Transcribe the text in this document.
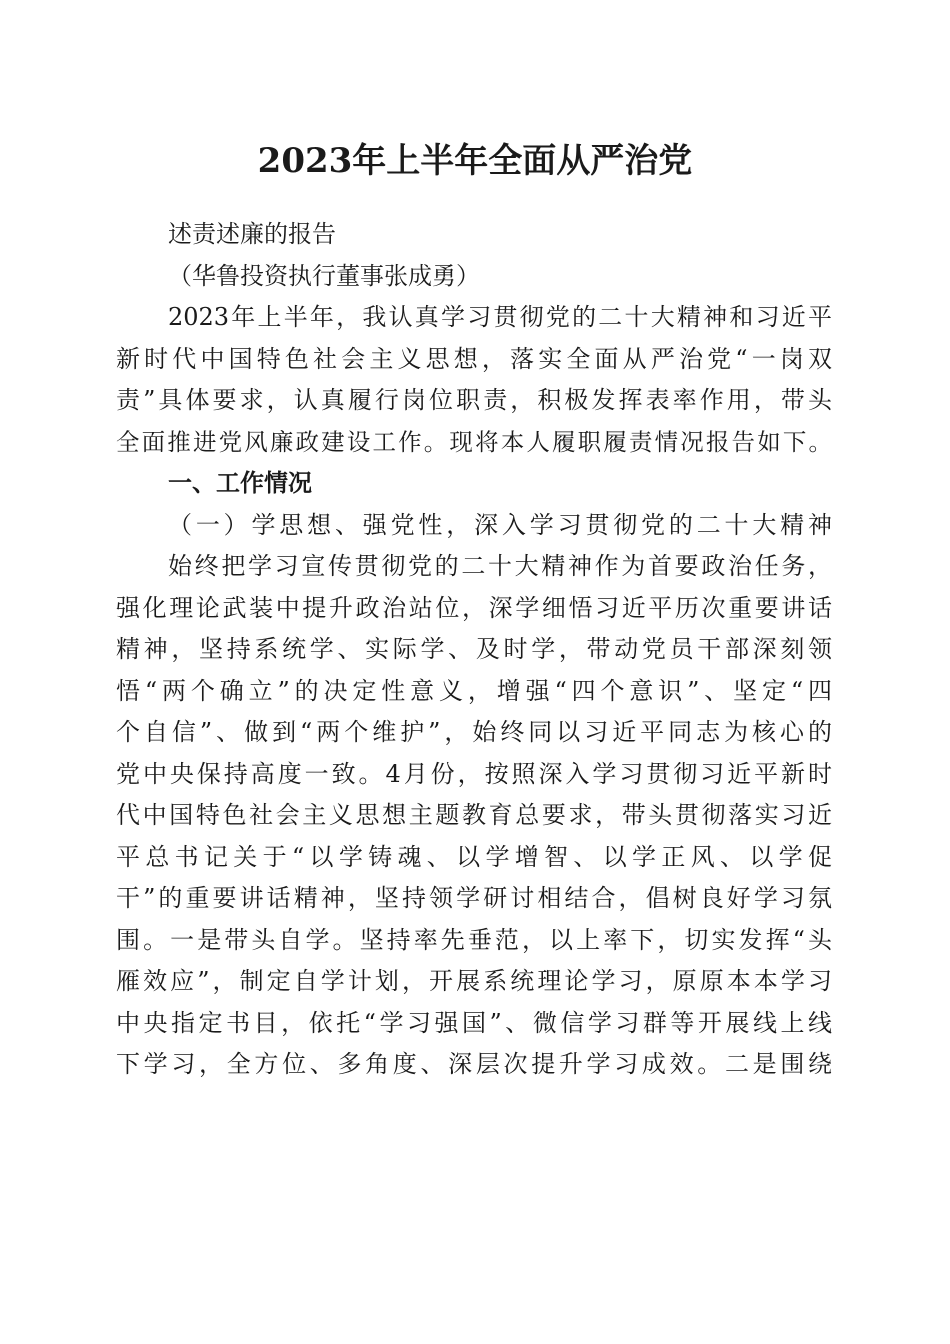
2023年上半年全面从严治党
述责述廉的报告
（华鲁投资执行董事张成勇）
2023年上半年，我认真学习贯彻党的二十大精神和习近平
新时代中国特色社会主义思想，落实全面从严治党“一岗双
责”具体要求，认真履行岗位职责，积极发挥表率作用，带头
全面推进党风廉政建设工作。现将本人履职履责情况报告如下。
一、工作情况
（一）学思想、强党性，深入学习贯彻党的二十大精神
始终把学习宣传贯彻党的二十大精神作为首要政治任务，
强化理论武装中提升政治站位，深学细悟习近平历次重要讲话
精神，坚持系统学、实际学、及时学，带动党员干部深刻领
悟“两个确立”的决定性意义，增强“四个意识”、坚定“四
个自信”、做到“两个维护”，始终同以习近平同志为核心的
党中央保持高度一致。4月份，按照深入学习贯彻习近平新时
代中国特色社会主义思想主题教育总要求，带头贯彻落实习近
平总书记关于“以学铸魂、以学增智、以学正风、以学促
干”的重要讲话精神，坚持领学研讨相结合，倡树良好学习氛
围。一是带头自学。坚持率先垂范，以上率下，切实发挥“头
雁效应”，制定自学计划，开展系统理论学习，原原本本学习
中央指定书目，依托“学习强国”、微信学习群等开展线上线
下学习，全方位、多角度、深层次提升学习成效。二是围绕
